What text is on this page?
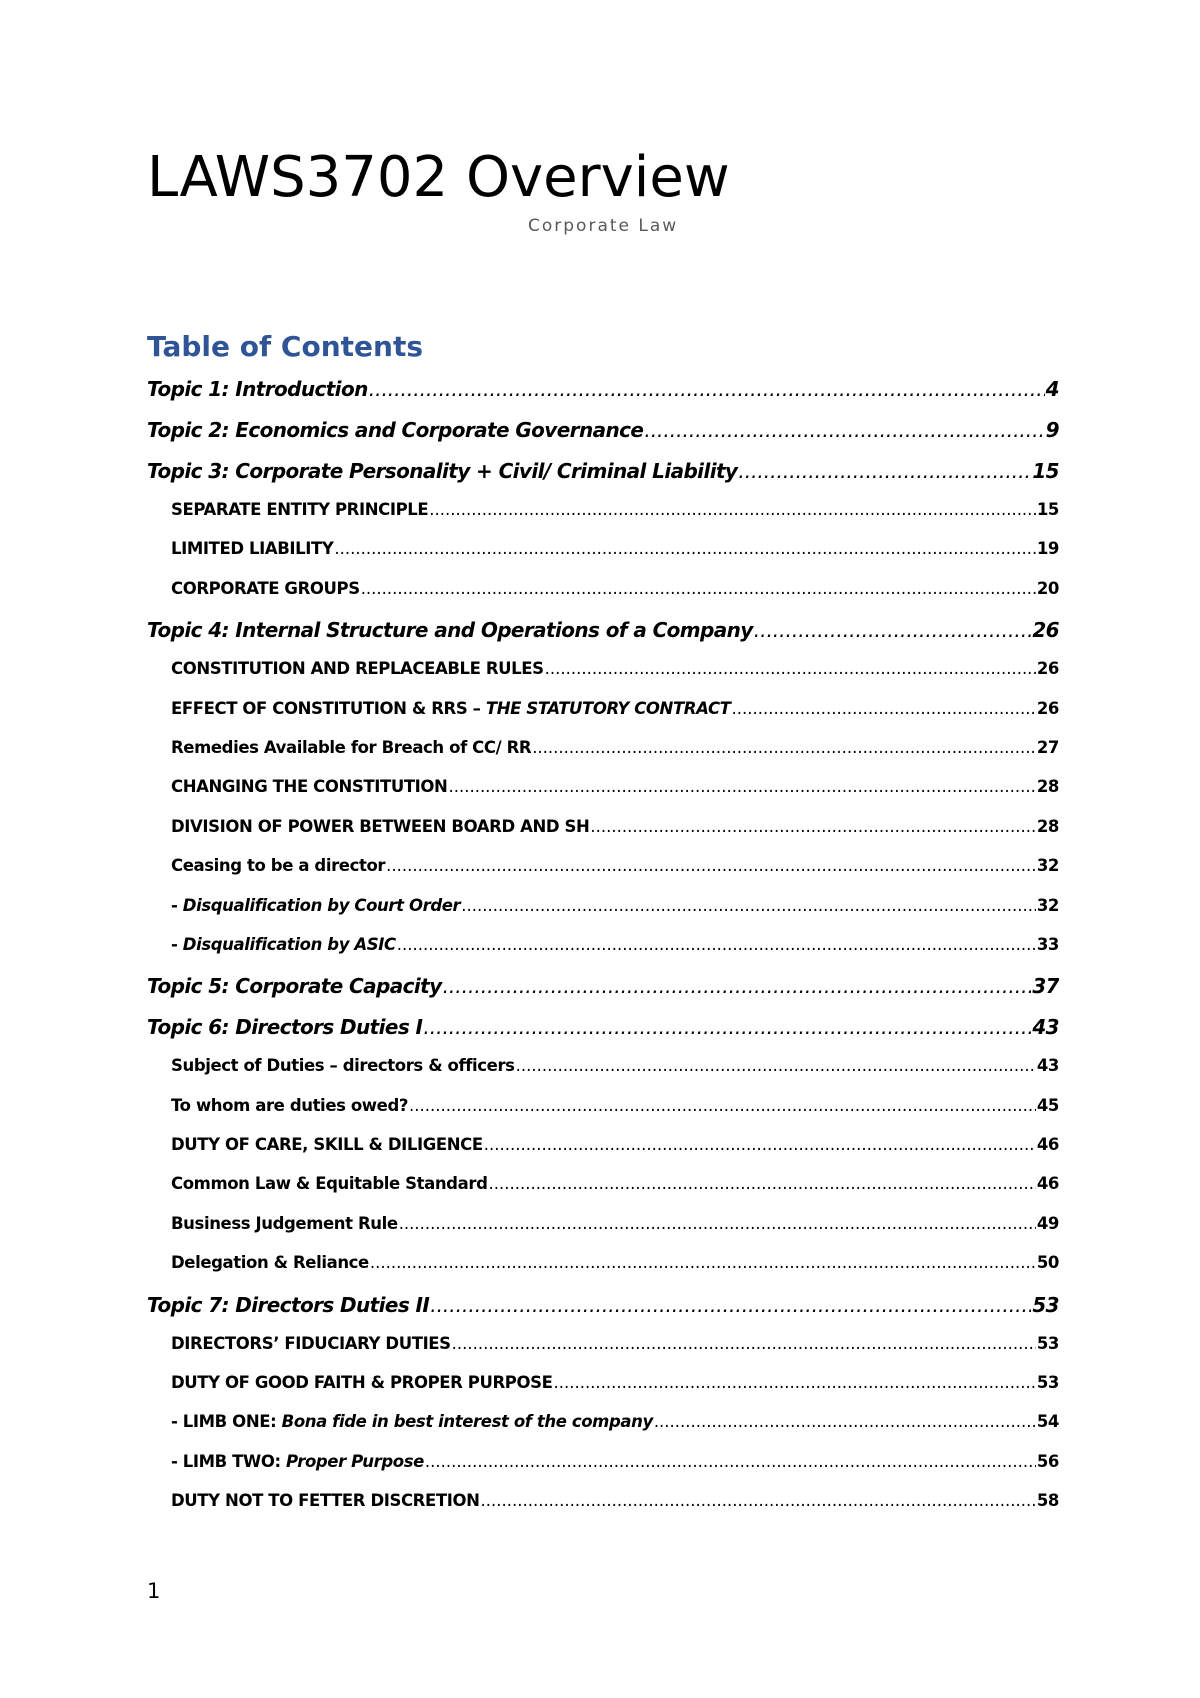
LAWS3702 Overview
Corporate Law
Table of Contents
Topic 1: Introduction .....	4
Topic 2: Economics and Corporate Governance .....	9
Topic 3: Corporate Personality + Civil/ Criminal Liability .....	15
SEPARATE ENTITY PRINCIPLE .....	15
LIMITED LIABILITY .....	19
CORPORATE GROUPS .....	20
Topic 4: Internal Structure and Operations of a Company .....	26
CONSTITUTION AND REPLACEABLE RULES .....	26
EFFECT OF CONSTITUTION & RRS – THE STATUTORY CONTRACT .....	26
Remedies Available for Breach of CC/ RR .....	27
CHANGING THE CONSTITUTION .....	28
DIVISION OF POWER BETWEEN BOARD AND SH .....	28
Ceasing to be a director .....	32
- Disqualification by Court Order .....	32
- Disqualification by ASIC .....	33
Topic 5: Corporate Capacity .....	37
Topic 6: Directors Duties I .....	43
Subject of Duties – directors & officers .....	43
To whom are duties owed? .....	45
DUTY OF CARE, SKILL & DILIGENCE .....	46
Common Law & Equitable Standard .....	46
Business Judgement Rule .....	49
Delegation & Reliance .....	50
Topic 7: Directors Duties II .....	53
DIRECTORS’ FIDUCIARY DUTIES .....	53
DUTY OF GOOD FAITH & PROPER PURPOSE .....	53
- LIMB ONE: Bona fide in best interest of the company .....	54
- LIMB TWO: Proper Purpose .....	56
DUTY NOT TO FETTER DISCRETION .....	58
1
